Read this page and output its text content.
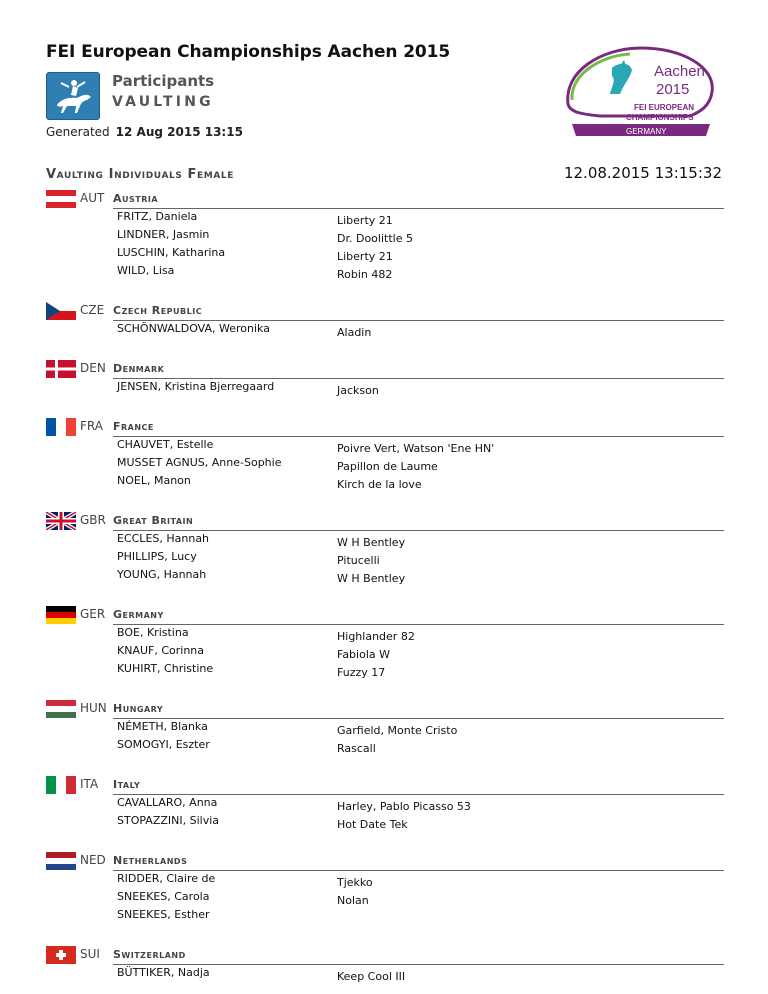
FEI European Championships Aachen 2015
Participants
VAULTING
Generated 12 Aug 2015 13:15
Aachen
2015
FEI EUROPEAN
CHAMPIONSHIPS
GERMANY
Vaulting Individuals Female	12.08.2015 13:15:32
AUT Austria
FRITZ, Daniela	Liberty 21
LINDNER, Jasmin	Dr. Doolittle 5
LUSCHIN, Katharina	Liberty 21
WILD, Lisa	Robin 482
CZE Czech Republic
SCHÖNWALDOVA, Weronika	Aladin
DEN Denmark
JENSEN, Kristina Bjerregaard	Jackson
FRA France
CHAUVET, Estelle	Poivre Vert, Watson 'Ene HN'
MUSSET AGNUS, Anne-Sophie	Papillon de Laume
NOEL, Manon	Kirch de la love
GBR Great Britain
ECCLES, Hannah	W H Bentley
PHILLIPS, Lucy	Pitucelli
YOUNG, Hannah	W H Bentley
GER Germany
BOE, Kristina	Highlander 82
KNAUF, Corinna	Fabiola W
KUHIRT, Christine	Fuzzy 17
HUN Hungary
NÉMETH, Blanka	Garfield, Monte Cristo
SOMOGYI, Eszter	Rascall
ITA Italy
CAVALLARO, Anna	Harley, Pablo Picasso 53
STOPAZZINI, Silvia	Hot Date Tek
NED Netherlands
RIDDER, Claire de	Tjekko
SNEEKES, Carola	Nolan
SNEEKES, Esther
SUI Switzerland
BÜTTIKER, Nadja	Keep Cool III
